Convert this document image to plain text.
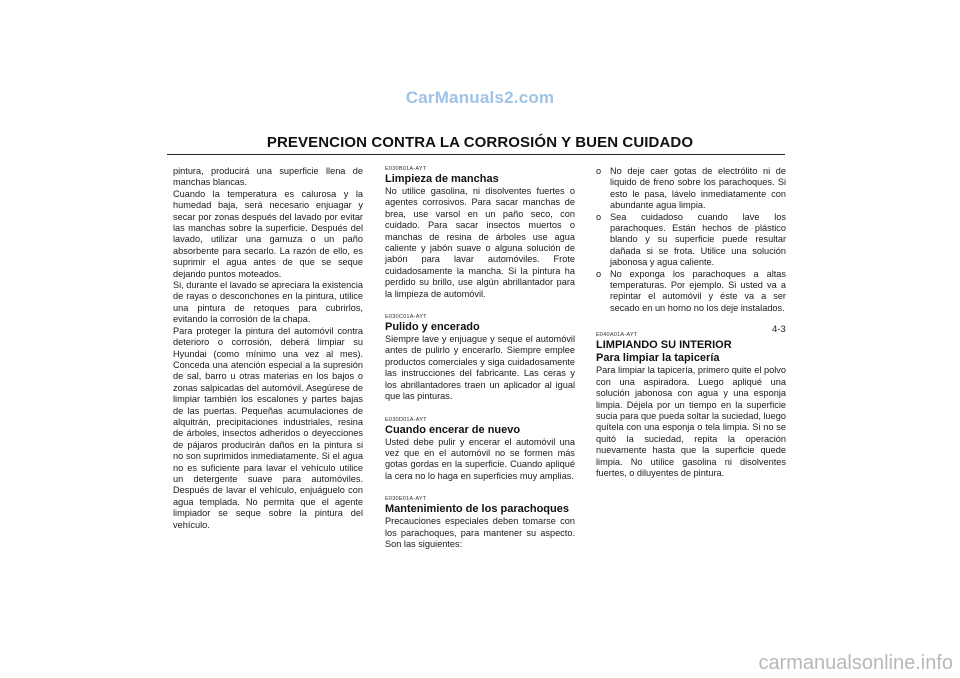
CarManuals2.com
PREVENCION CONTRA LA CORROSIÓN Y BUEN CUIDADO

pintura, producirá una superficie llena de manchas blancas.

Cuando la temperatura es calurosa y la humedad baja, será necesario enjuagar y secar por zonas después del lavado por evitar las manchas sobre la superficie. Después del lavado, utilizar una gamuza o un paño absorbente para secarlo. La razón de ello, es suprimir el agua antes de que se seque dejando puntos moteados.

Si, durante el lavado se apreciara la existencia de rayas o desconchones en la pintura, utilice una pintura de retoques para cubrirlos, evitando la corrosión de la chapa.

Para proteger la pintura del automóvil contra deterioro o corrosión, deberá limpiar su Hyundai (como mínimo una vez al mes). Conceda una atención especial a la supresión de sal, barro u otras materias en los bajos o zonas salpicadas del automóvil. Asegúrese de limpiar también los escalones y partes bajas de las puertas. Pequeñas acumulaciones de alquitrán, precipitaciones industriales, resina de árboles, insectos adheridos o deyecciones de pájaros producirán daños en la pintura si no son suprimidos inmediatamente. Si el agua no es suficiente para lavar el vehículo utilice un detergente suave para automóviles. Después de lavar el vehículo, enjuáguelo con agua templada. No permita que el agente limpiador se seque sobre la pintura del vehículo.

E030B01A-AYT

Limpieza de manchas

No utilice gasolina, ni disolventes fuertes o agentes corrosivos. Para sacar manchas de brea, use varsol en un paño seco, con cuidado. Para sacar insectos muertos o manchas de resina de árboles use agua caliente y jabón suave o alguna solución de jabón para lavar automóviles. Frote cuidadosamente la mancha. Si la pintura ha perdido su brillo, use algún abrillantador para la limpieza de automóvil.

E030C01A-AYT

Pulido y encerado

Siempre lave y enjuague y seque el automóvil antes de pulirlo y encerarlo. Siempre emplee productos comerciales y siga cuidadosamente las instrucciones del fabricante. Las ceras y los abrillantadores traen un aplicador al igual que las pinturas.

E030D01A-AYT

Cuando encerar de nuevo

Usted debe pulir y encerar el automóvil una vez que en el automóvil no se formen más gotas gordas en la superficie. Cuando apliqué la cera no lo haga en superficies muy amplias.

E030E01A-AYT

Mantenimiento de los parachoques

Precauciones especiales deben tomarse con los parachoques, para mantener su aspecto. Son las siguientes:

o No deje caer gotas de electrólito ni de liquido de freno sobre los parachoques. Si esto le pasa, lávelo inmediatamente con abundante agua limpia.
o Sea cuidadoso cuando lave los parachoques. Están hechos de plástico blando y su superficie puede resultar dañada si se frota. Utilice una solución jabonosa y agua caliente.
o No exponga los parachoques a altas temperaturas. Por ejemplo. Si usted va a repintar el automóvil y éste va a ser secado en un horno no los deje instalados.

E040A01A-AYT

LIMPIANDO SU INTERIOR

Para limpiar la tapicería

Para limpiar la tapicería, primero quite el polvo con una aspiradora. Luego apliqué una solución jabonosa con agua y una esponja limpia. Déjela por un tiempo en la superficie sucia para que pueda soltar la suciedad, luego quítela con una esponja o tela limpia. Si no se quitó la suciedad, repita la operación nuevamente hasta que la superficie quede limpia. No utilice gasolina ni disolventes fuertes, o diluyentes de pintura.

4-3
carmanualsonline.info
